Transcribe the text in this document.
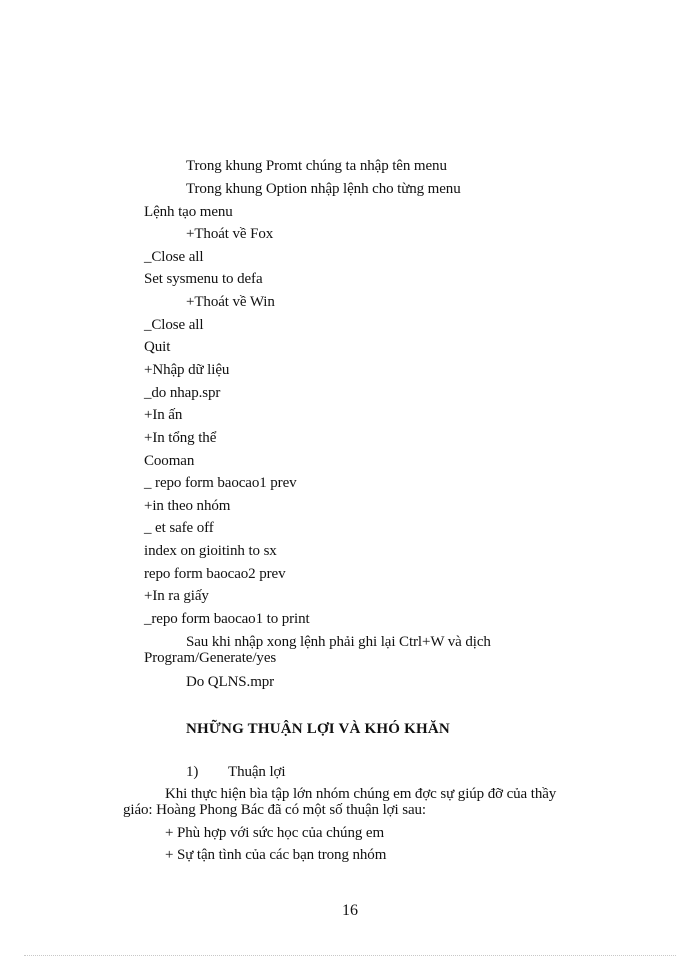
Trong khung Promt chúng ta nhập tên menu
Trong khung Option nhập lệnh cho từng menu
Lệnh tạo menu
+Thoát về Fox
_Close all
Set sysmenu to defa
+Thoát về Win
_Close all
Quit
+Nhập dữ liệu
_do nhap.spr
+In ấn
+In tổng thể
Cooman
_ repo form baocao1 prev
+in theo nhóm
_ et safe off
index on gioitinh to sx
repo form baocao2 prev
+In ra giấy
_repo form baocao1 to print
Sau khi nhập xong lệnh phải ghi lại Ctrl+W và dịch
Program/Generate/yes
Do QLNS.mpr
NHỮNG THUẬN LỢI VÀ KHÓ KHĂN
1) Thuận lợi
Khi thực hiện bìa tập lớn nhóm chúng em đợc sự giúp đỡ của thầy
giáo: Hoàng Phong Bác đã có một số thuận lợi sau:
+ Phù hợp với sức học của chúng em
+ Sự tận tình của các bạn trong nhóm
16
